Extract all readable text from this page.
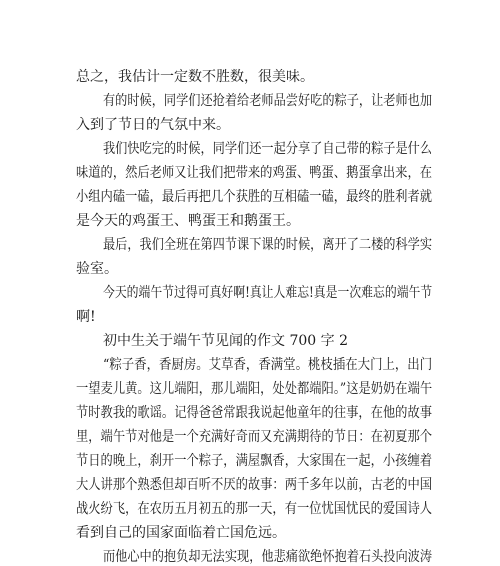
总之，我估计一定数不胜数，很美味。

有的时候，同学们还抢着给老师品尝好吃的粽子，让老师也加

入到了节日的气氛中来。

我们快吃完的时候，同学们还一起分享了自己带的粽子是什么

味道的，然后老师又让我们把带来的鸡蛋、鸭蛋、鹅蛋拿出来，在

小组内磕一磕，最后再把几个获胜的互相磕一磕，最终的胜利者就

是今天的鸡蛋王、鸭蛋王和鹅蛋王。

最后，我们全班在第四节课下课的时候，离开了二楼的科学实

验室。

今天的端午节过得可真好啊!真让人难忘!真是一次难忘的端午节

啊!

初中生关于端午节见闻的作文 700 字 2

“粽子香，香厨房。艾草香，香满堂。桃枝插在大门上，出门

一望麦儿黄。这儿端阳，那儿端阳，处处都端阳。”这是奶奶在端午

节时教我的歌谣。记得爸爸常跟我说起他童年的往事，在他的故事

里，端午节对他是一个充满好奇而又充满期待的节日：在初夏那个

节日的晚上，刹开一个粽子，满屋飘香，大家围在一起，小孩缠着

大人讲那个熟悉但却百听不厌的故事：两千多年以前，古老的中国

战火纷飞，在农历五月初五的那一天，有一位忧国忧民的爱国诗人

看到自己的国家面临着亡国危远。

而他心中的抱负却无法实现，他悲痛欲绝怀抱着石头投向波涛
